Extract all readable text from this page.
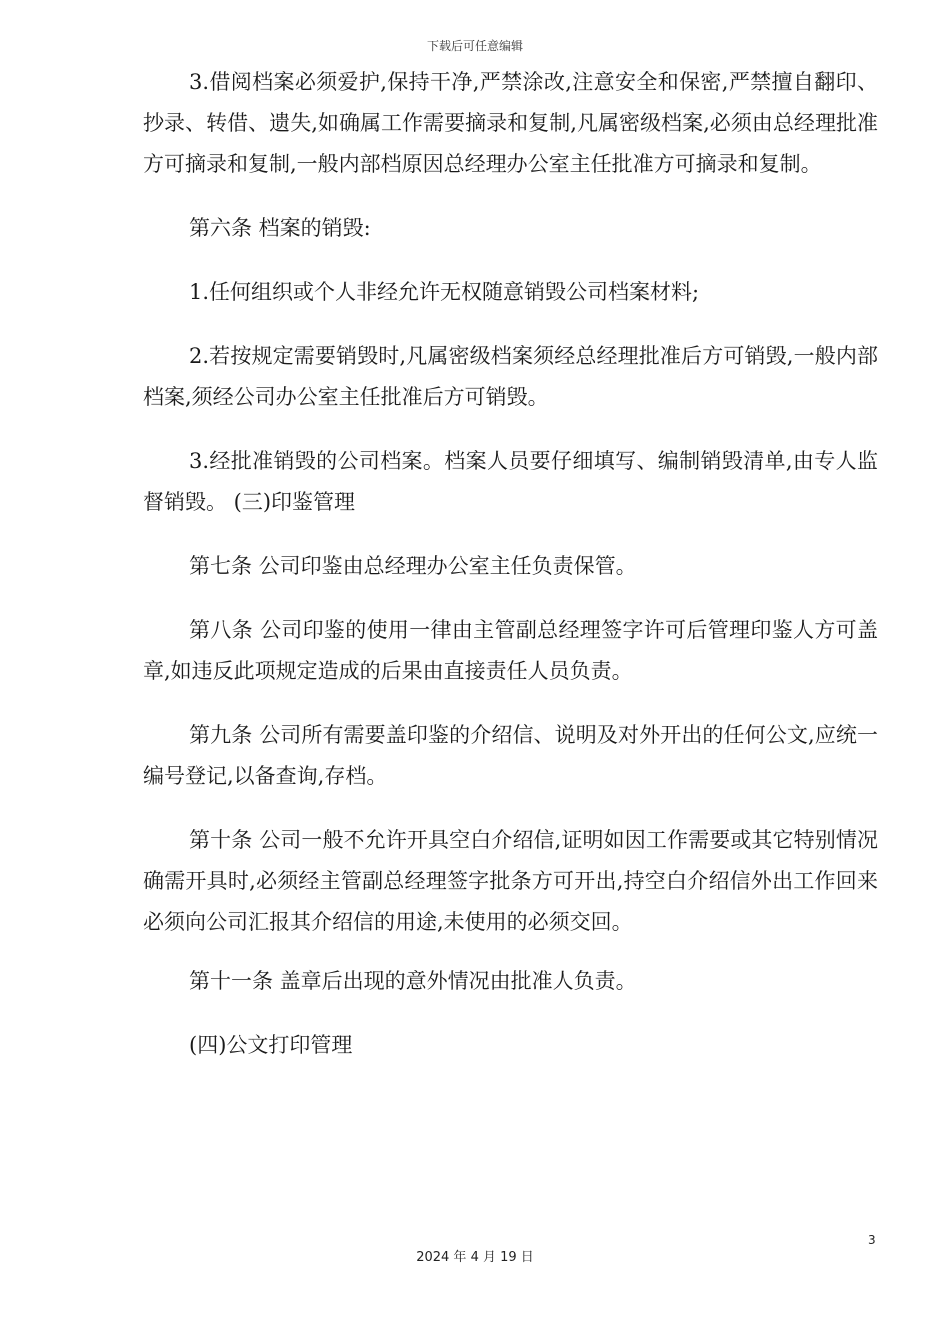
下载后可任意编辑

3.借阅档案必须爱护,保持干净,严禁涂改,注意安全和保密,严禁擅自翻印、抄录、转借、遗失,如确属工作需要摘录和复制,凡属密级档案,必须由总经理批准方可摘录和复制,一般内部档原因总经理办公室主任批准方可摘录和复制。

第六条 档案的销毁:

1.任何组织或个人非经允许无权随意销毁公司档案材料;

2.若按规定需要销毁时,凡属密级档案须经总经理批准后方可销毁,一般内部档案,须经公司办公室主任批准后方可销毁。

3.经批准销毁的公司档案。档案人员要仔细填写、编制销毁清单,由专人监督销毁。 (三)印鉴管理

第七条 公司印鉴由总经理办公室主任负责保管。

第八条 公司印鉴的使用一律由主管副总经理签字许可后管理印鉴人方可盖章,如违反此项规定造成的后果由直接责任人员负责。

第九条 公司所有需要盖印鉴的介绍信、说明及对外开出的任何公文,应统一编号登记,以备查询,存档。

第十条 公司一般不允许开具空白介绍信,证明如因工作需要或其它特别情况确需开具时,必须经主管副总经理签字批条方可开出,持空白介绍信外出工作回来必须向公司汇报其介绍信的用途,未使用的必须交回。

第十一条 盖章后出现的意外情况由批准人负责。

(四)公文打印管理

3
2024 年 4 月 19 日
